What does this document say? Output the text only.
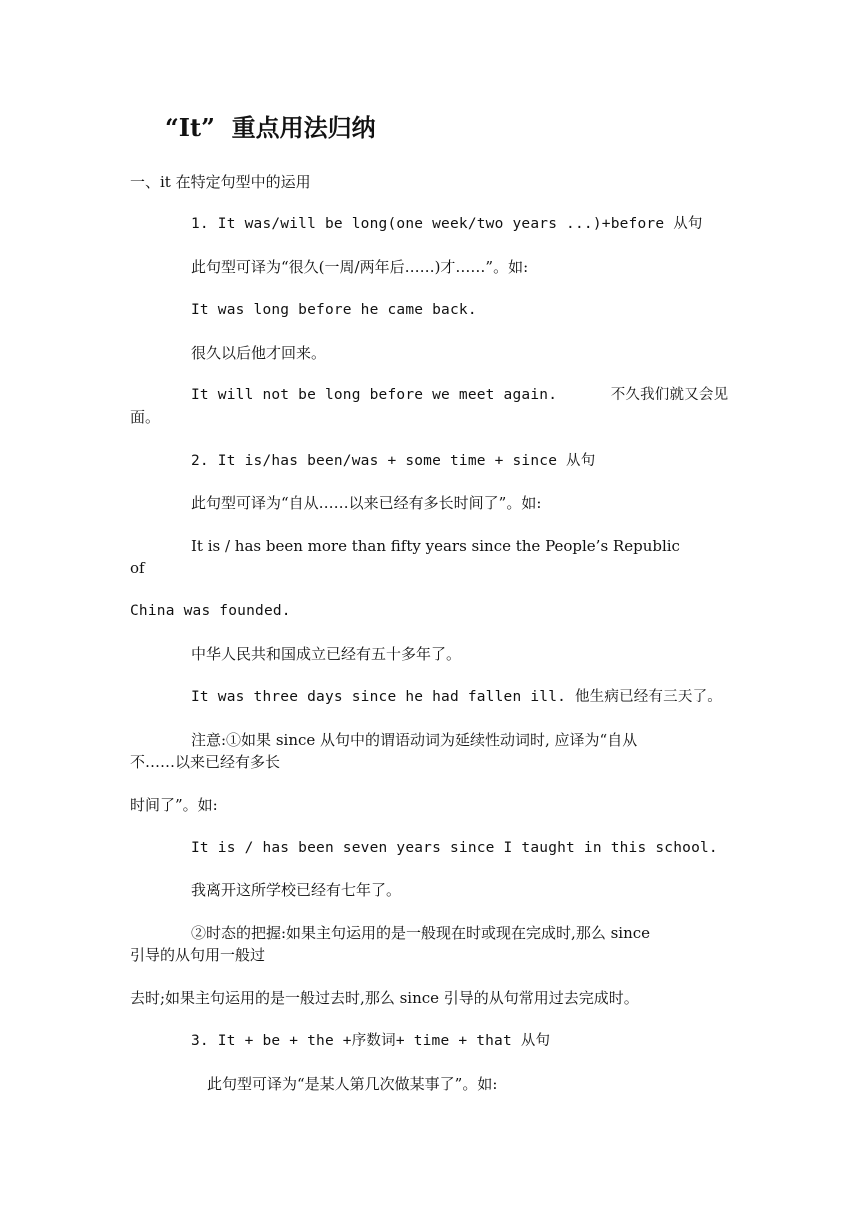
“It”  重点用法归纳
一、it 在特定句型中的运用
1. It was/will be long(one week/two years ...)+before 从句
此句型可译为“很久(一周/两年后……)才……”。如:
It was long before he came back.
很久以后他才回来。
It will not be long before we meet again.      不久我们就又会见
面。
2. It is/has been/was + some time + since 从句
此句型可译为“自从……以来已经有多长时间了”。如:
It is / has been more than fifty years since the People’s Republic
of
China was founded.
中华人民共和国成立已经有五十多年了。
It was three days since he had fallen ill. 他生病已经有三天了。
注意:①如果 since 从句中的谓语动词为延续性动词时, 应译为“自从
不……以来已经有多长
时间了”。如:
It is / has been seven years since I taught in this school.
我离开这所学校已经有七年了。
②时态的把握:如果主句运用的是一般现在时或现在完成时,那么 since
引导的从句用一般过
去时;如果主句运用的是一般过去时,那么 since 引导的从句常用过去完成时。
3. It + be + the +序数词+ time + that 从句
此句型可译为“是某人第几次做某事了”。如:
